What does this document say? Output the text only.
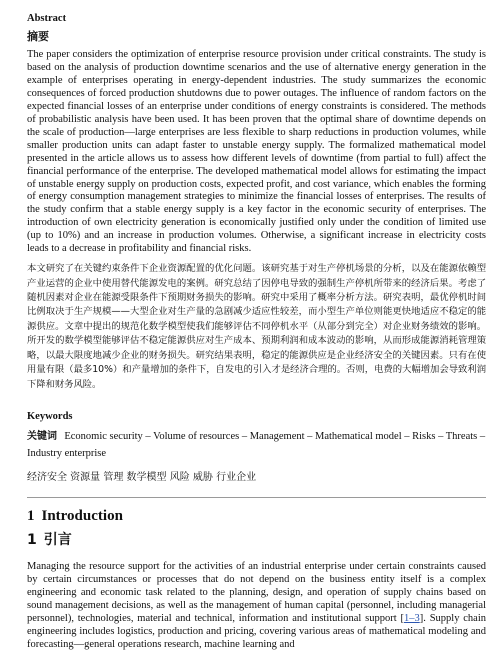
Abstract
摘要

The paper considers the optimization of enterprise resource provision under critical constraints. The study is based on the analysis of production downtime scenarios and the use of alternative energy generation in the example of enterprises operating in energy-dependent industries. The study summarizes the economic consequences of forced production shutdowns due to power outages. The influence of random factors on the expected financial losses of an enterprise under conditions of energy constraints is considered. The methods of probabilistic analysis have been used. It has been proven that the optimal share of downtime depends on the scale of production—large enterprises are less flexible to sharp reductions in production volumes, while smaller production units can adapt faster to unstable energy supply. The formalized mathematical model presented in the article allows us to assess how different levels of downtime (from partial to full) affect the financial performance of the enterprise. The developed mathematical model allows for estimating the impact of unstable energy supply on production costs, expected profit, and cost variance, which enables the forming of energy consumption management strategies to minimize the financial losses of enterprises. The results of the study confirm that a stable energy supply is a key factor in the economic security of enterprises. The introduction of own electricity generation is economically justified only under the condition of limited use (up to 10%) and an increase in production volumes. Otherwise, a significant increase in electricity costs leads to a decrease in profitability and financial risks.

本文研究了在关键约束条件下企业资源配置的优化问题。该研究基于对生产停机场景的分析，以及在能源依赖型产业运营的企业中使用替代能源发电的案例。研究总结了因停电导致的强制生产停机所带来的经济后果。考虑了随机因素对企业在能源受限条件下预期财务损失的影响。研究中采用了概率分析方法。研究表明，最优停机时间比例取决于生产规模——大型企业对生产量的急剧减少适应性较差，而小型生产单位则能更快地适应不稳定的能源供应。文章中提出的规范化数学模型使我们能够评估不同停机水平（从部分到完全）对企业财务绩效的影响。所开发的数学模型能够评估不稳定能源供应对生产成本、预期利润和成本波动的影响，从而形成能源消耗管理策略，以最大限度地减少企业的财务损失。研究结果表明，稳定的能源供应是企业经济安全的关键因素。只有在使用量有限（最多10%）和产量增加的条件下，自发电的引入才是经济合理的。否则，电费的大幅增加会导致利润下降和财务风险。

Keywords

关键词 Economic security – Volume of resources – Management – Mathematical model – Risks – Threats – Industry enterprise

经济安全 资源量 管理 数学模型 风险 威胁 行业企业

1 Introduction
1 引言

Managing the resource support for the activities of an industrial enterprise under certain constraints caused by certain circumstances or processes that do not depend on the business entity itself is a complex engineering and economic task related to the planning, design, and operation of supply chains based on sound management decisions, as well as the management of human capital (personnel, including managerial personnel), technologies, material and technical, information and institutional support [1–3]. Supply chain engineering includes logistics, production and pricing, covering various areas of mathematical modeling and forecasting—general operations research, machine learning and
